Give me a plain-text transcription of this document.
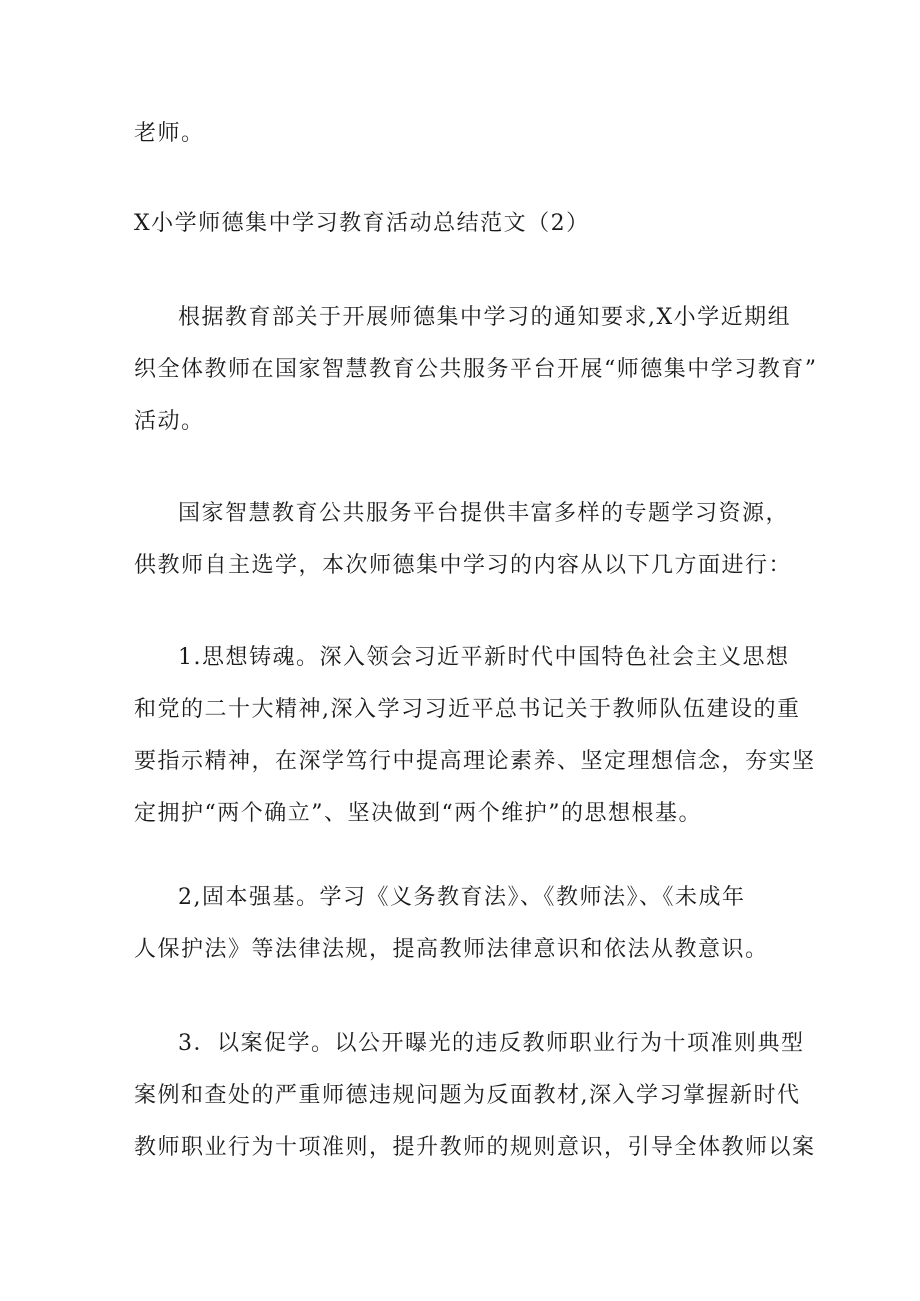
老师。

X小学师德集中学习教育活动总结范文（2）

根据教育部关于开展师德集中学习的通知要求,X小学近期组
织全体教师在国家智慧教育公共服务平台开展“师德集中学习教育”
活动。

国家智慧教育公共服务平台提供丰富多样的专题学习资源，
供教师自主选学，本次师德集中学习的内容从以下几方面进行：

1.思想铸魂。深入领会习近平新时代中国特色社会主义思想
和党的二十大精神,深入学习习近平总书记关于教师队伍建设的重
要指示精神，在深学笃行中提高理论素养、坚定理想信念，夯实坚
定拥护“两个确立”、坚决做到“两个维护”的思想根基。

2,固本强基。学习《义务教育法》、《教师法》、《未成年
人保护法》等法律法规，提高教师法律意识和依法从教意识。

3．以案促学。以公开曝光的违反教师职业行为十项准则典型
案例和查处的严重师德违规问题为反面教材,深入学习掌握新时代
教师职业行为十项准则，提升教师的规则意识，引导全体教师以案
